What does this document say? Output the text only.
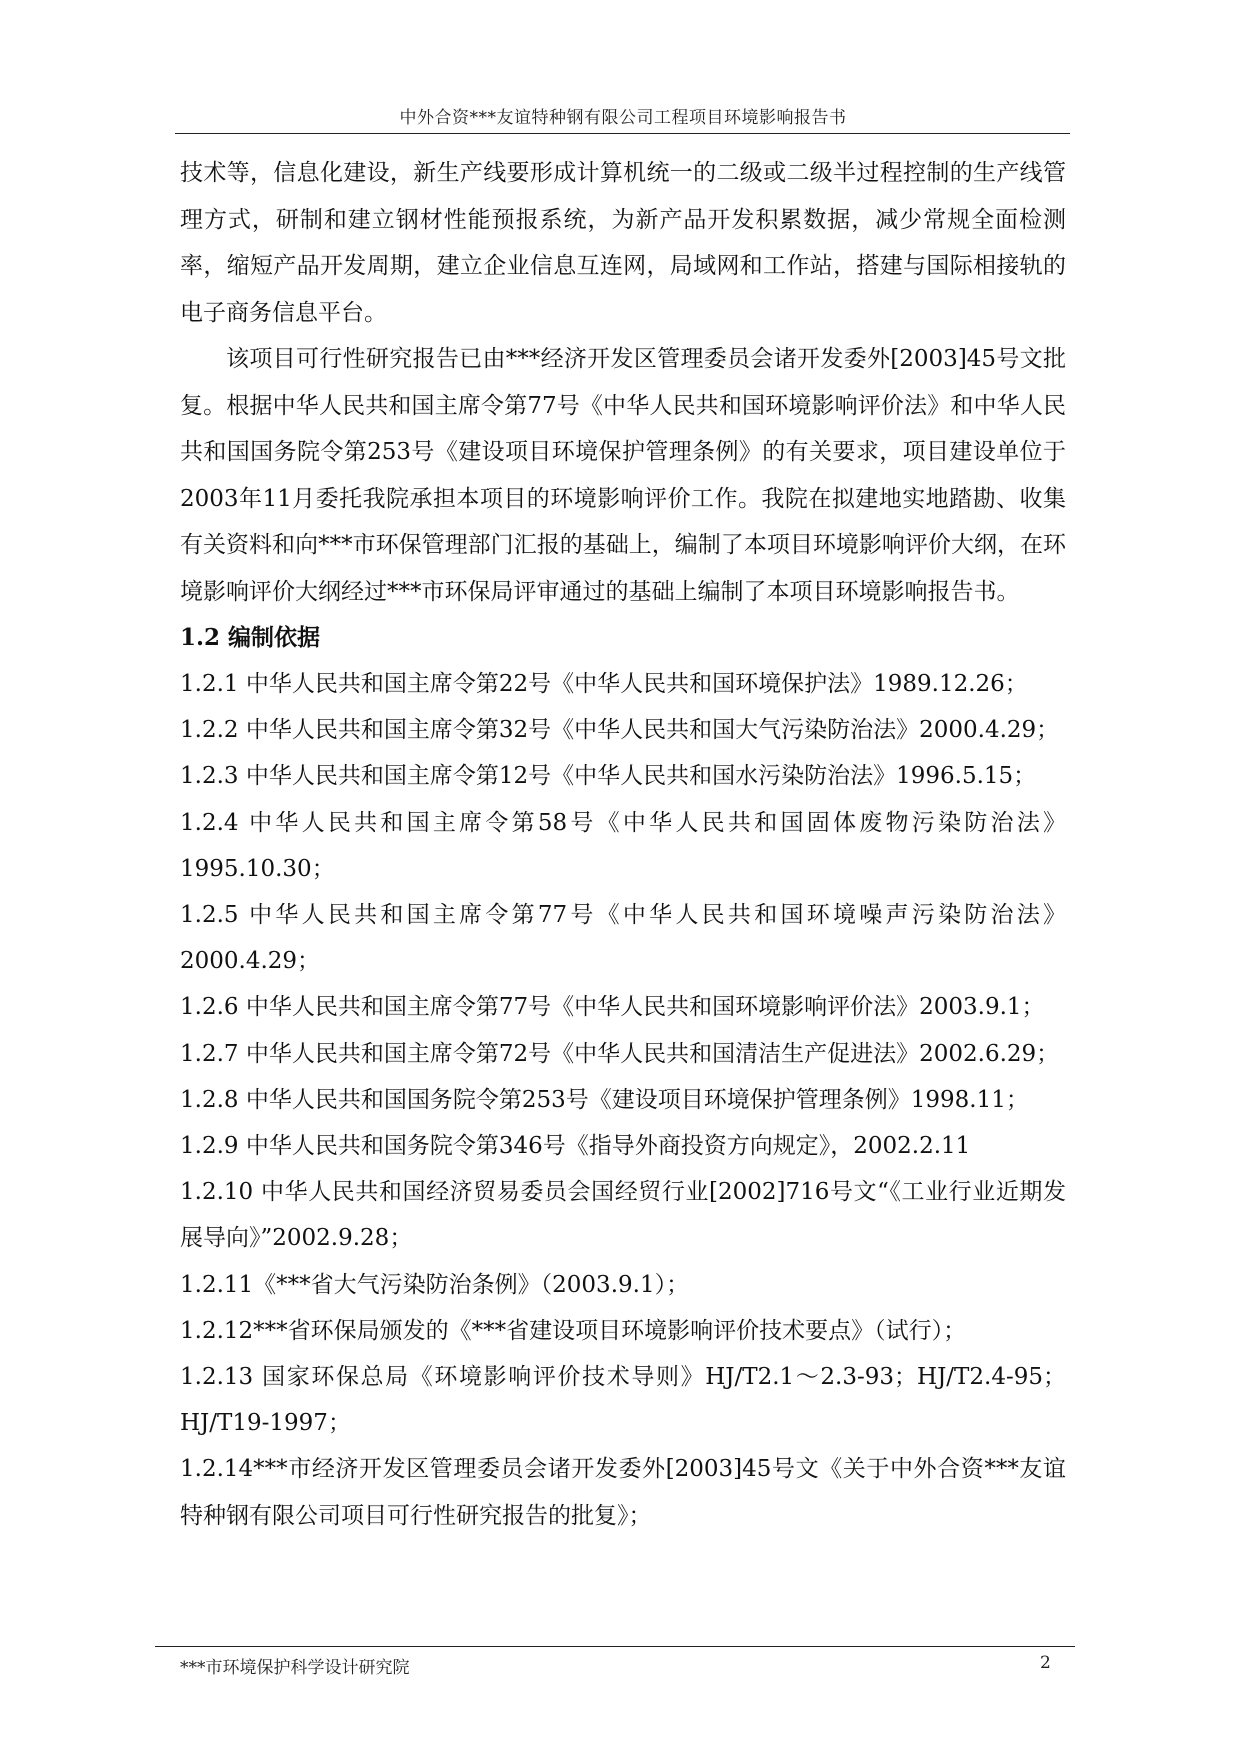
中外合资***友谊特种钢有限公司工程项目环境影响报告书

技术等，信息化建设，新生产线要形成计算机统一的二级或二级半过程控制的生产线管理方式，研制和建立钢材性能预报系统，为新产品开发积累数据，减少常规全面检测率，缩短产品开发周期，建立企业信息互连网，局域网和工作站，搭建与国际相接轨的电子商务信息平台。

该项目可行性研究报告已由***经济开发区管理委员会诸开发委外[2003]45号文批复。根据中华人民共和国主席令第77号《中华人民共和国环境影响评价法》和中华人民共和国国务院令第253号《建设项目环境保护管理条例》的有关要求，项目建设单位于2003年11月委托我院承担本项目的环境影响评价工作。我院在拟建地实地踏勘、收集有关资料和向***市环保管理部门汇报的基础上，编制了本项目环境影响评价大纲，在环境影响评价大纲经过***市环保局评审通过的基础上编制了本项目环境影响报告书。

1.2 编制依据

1.2.1 中华人民共和国主席令第22号《中华人民共和国环境保护法》1989.12.26；

1.2.2 中华人民共和国主席令第32号《中华人民共和国大气污染防治法》2000.4.29；

1.2.3 中华人民共和国主席令第12号《中华人民共和国水污染防治法》1996.5.15；

1.2.4 中华人民共和国主席令第58号《中华人民共和国固体废物污染防治法》1995.10.30；

1.2.5 中华人民共和国主席令第77号《中华人民共和国环境噪声污染防治法》2000.4.29；

1.2.6 中华人民共和国主席令第77号《中华人民共和国环境影响评价法》2003.9.1；

1.2.7 中华人民共和国主席令第72号《中华人民共和国清洁生产促进法》2002.6.29；

1.2.8 中华人民共和国国务院令第253号《建设项目环境保护管理条例》1998.11；

1.2.9 中华人民共和国务院令第346号《指导外商投资方向规定》，2002.2.11

1.2.10 中华人民共和国经济贸易委员会国经贸行业[2002]716号文“《工业行业近期发展导向》”2002.9.28；

1.2.11《***省大气污染防治条例》（2003.9.1）；

1.2.12***省环保局颁发的《***省建设项目环境影响评价技术要点》（试行）；

1.2.13 国家环保总局《环境影响评价技术导则》HJ/T2.1～2.3-93；HJ/T2.4-95；HJ/T19-1997；

1.2.14***市经济开发区管理委员会诸开发委外[2003]45号文《关于中外合资***友谊特种钢有限公司项目可行性研究报告的批复》；

***市环境保护科学设计研究院	2
